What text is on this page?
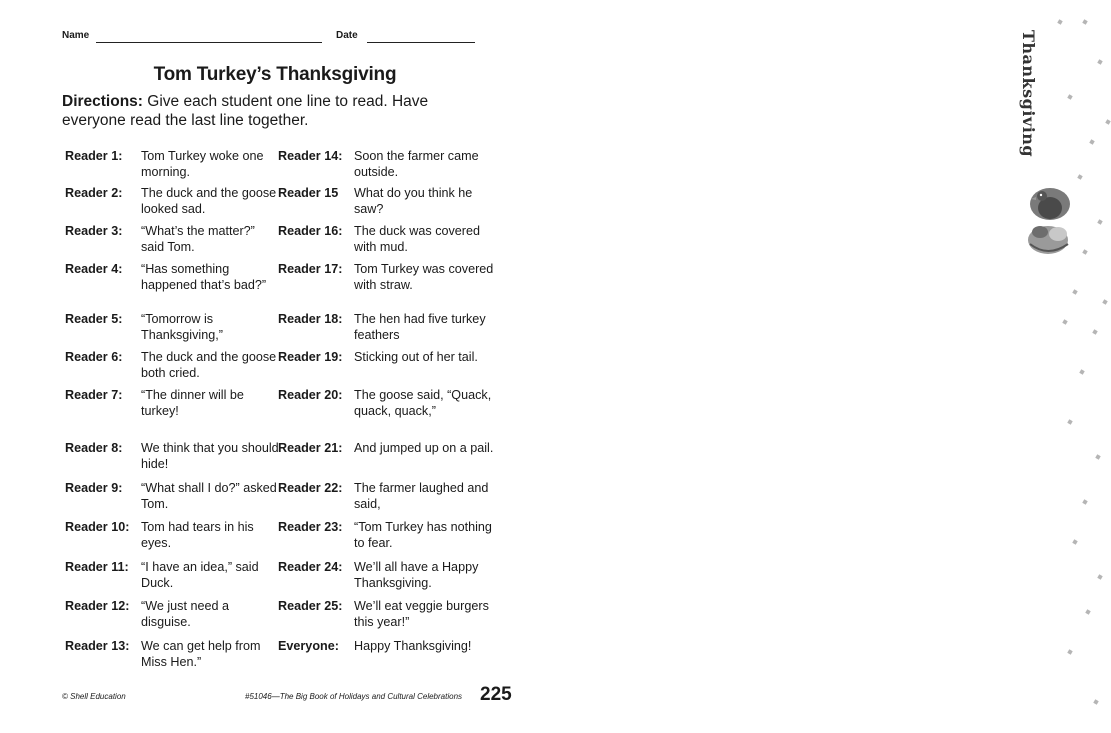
Name	Date
Tom Turkey’s Thanksgiving
Directions: Give each student one line to read. Have everyone read the last line together.
Reader 1: Tom Turkey woke one morning.
Reader 2: The duck and the goose looked sad.
Reader 3: “What’s the matter?” said Tom.
Reader 4: “Has something happened that’s bad?”
Reader 5: “Tomorrow is Thanksgiving,”
Reader 6: The duck and the goose both cried.
Reader 7: “The dinner will be turkey!
Reader 8: We think that you should hide!
Reader 9: “What shall I do?” asked Tom.
Reader 10: Tom had tears in his eyes.
Reader 11: “I have an idea,” said Duck.
Reader 12: “We just need a disguise.
Reader 13: We can get help from Miss Hen.”
Reader 14: Soon the farmer came outside.
Reader 15 What do you think he saw?
Reader 16: The duck was covered with mud.
Reader 17: Tom Turkey was covered with straw.
Reader 18: The hen had five turkey feathers
Reader 19: Sticking out of her tail.
Reader 20: The goose said, “Quack, quack, quack,”
Reader 21: And jumped up on a pail.
Reader 22: The farmer laughed and said,
Reader 23: “Tom Turkey has nothing to fear.
Reader 24: We’ll all have a Happy Thanksgiving.
Reader 25: We’ll eat veggie burgers this year!”
Everyone: Happy Thanksgiving!
© Shell Education	#51046—The Big Book of Holidays and Cultural Celebrations 225
Thanksgiving
